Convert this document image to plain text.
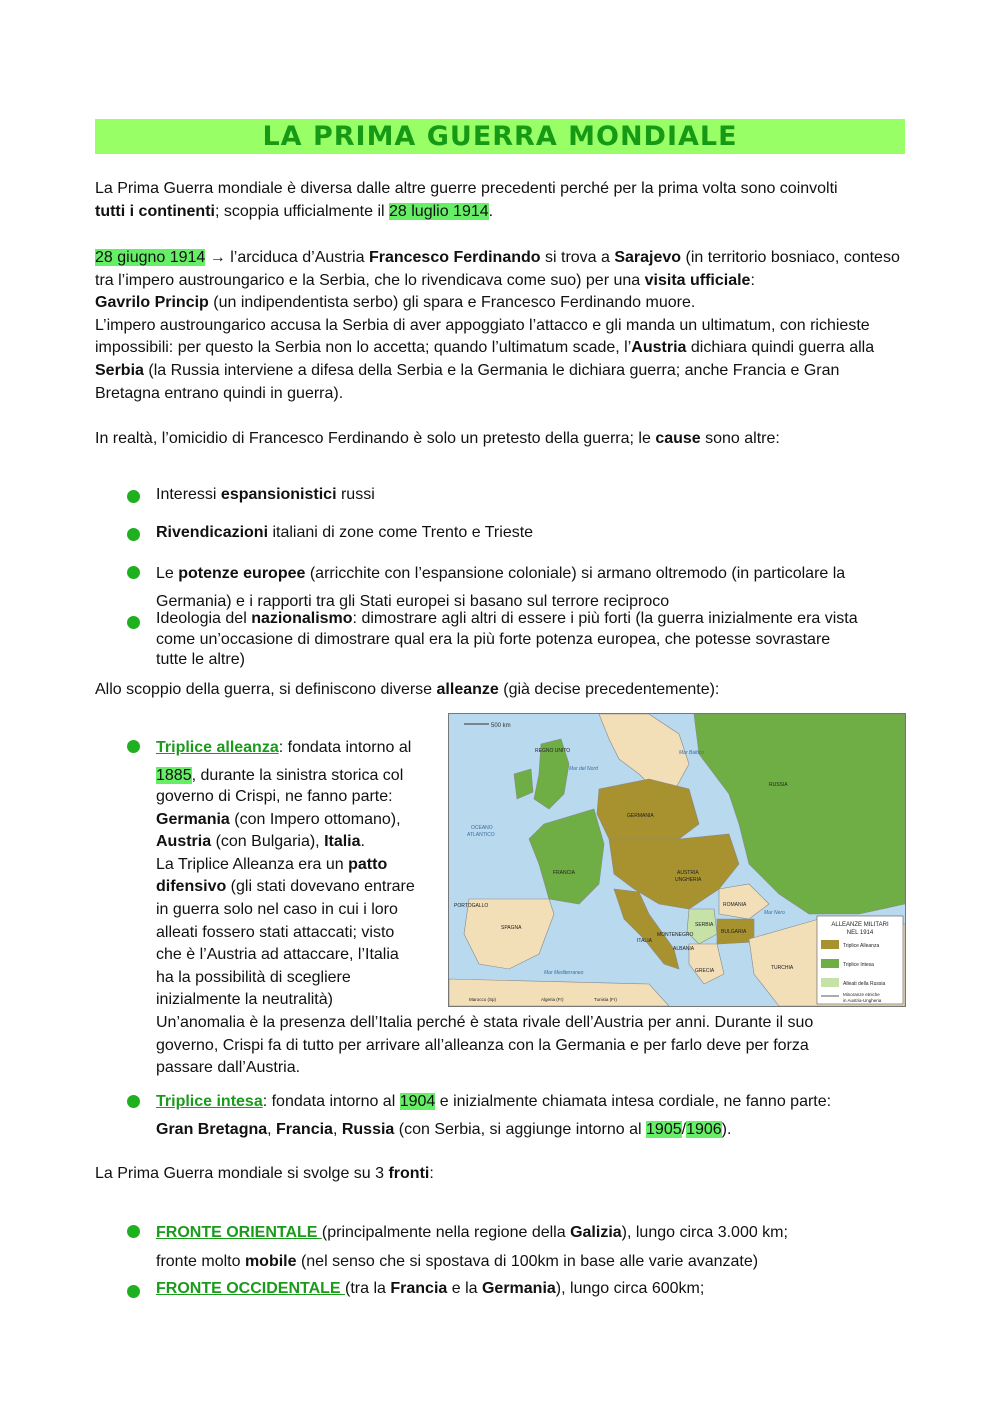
LA PRIMA GUERRA MONDIALE
La Prima Guerra mondiale è diversa dalle altre guerre precedenti perché per la prima volta sono coinvolti
tutti i continenti; scoppia ufficialmente il 28 luglio 1914.
28 giugno 1914 → l’arciduca d’Austria Francesco Ferdinando si trova a Sarajevo (in territorio bosniaco, conteso tra l’impero austroungarico e la Serbia, che lo rivendicava come suo) per una visita ufficiale:
Gavrilo Princip (un indipendentista serbo) gli spara e Francesco Ferdinando muore.
L’impero austroungarico accusa la Serbia di aver appoggiato l’attacco e gli manda un ultimatum, con richieste impossibili: per questo la Serbia non lo accetta; quando l’ultimatum scade, l’Austria dichiara quindi guerra alla Serbia (la Russia interviene a difesa della Serbia e la Germania le dichiara guerra; anche Francia e Gran Bretagna entrano quindi in guerra).
In realtà, l’omicidio di Francesco Ferdinando è solo un pretesto della guerra; le cause sono altre:
Interessi espansionistici russi
Rivendicazioni italiani di zone come Trento e Trieste
Le potenze europee (arricchite con l’espansione coloniale) si armano oltremodo (in particolare la
Germania) e i rapporti tra gli Stati europei si basano sul terrore reciproco
Ideologia del nazionalismo: dimostrare agli altri di essere i più forti (la guerra inizialmente era vista
come un’occasione di dimostrare qual era la più forte potenza europea, che potesse sovrastare
tutte le altre)
Allo scoppio della guerra, si definiscono diverse alleanze (già decise precedentemente):
Triplice alleanza: fondata intorno al
1885, durante la sinistra storica col
governo di Crispi, ne fanno parte:
Germania (con Impero ottomano),
Austria (con Bulgaria), Italia.
La Triplice Alleanza era un patto
difensivo (gli stati dovevano entrare
in guerra solo nel caso in cui i loro
alleati fossero stati attaccati; visto
che è l’Austria ad attaccare, l’Italia
ha la possibilità di scegliere
inizialmente la neutralità)
Un’anomalia è la presenza dell’Italia perché è stata rivale dell’Austria per anni. Durante il suo
governo, Crispi fa di tutto per arrivare all’alleanza con la Germania e per farlo deve per forza
passare dall’Austria.
500 km
REGNO UNITO
Mar del Nord
Mar Baltico
OCEANO
ATLANTICO
FRANCIA
PORTOGALLO
SPAGNA
GERMANIA
AUSTRIA
UNGHERIA
RUSSIA
ROMANIA
BULGARIA
SERBIA
MONTENEGRO
ALBANIA
GRECIA
ITALIA
TURCHIA
Mar Nero
Mar Mediterraneo
Marocco (Sp)	Algeria (Fr)	Tunisia (Fr)
ALLEANZE MILITARI
NEL 1914
Triplice Alleanza
Triplice Intesa
Alleati della Russia
Minoranze etniche
in Austria-Ungheria
Triplice intesa: fondata intorno al 1904 e inizialmente chiamata intesa cordiale, ne fanno parte:
Gran Bretagna, Francia, Russia (con Serbia, si aggiunge intorno al 1905/1906).
La Prima Guerra mondiale si svolge su 3 fronti:
FRONTE ORIENTALE (principalmente nella regione della Galizia), lungo circa 3.000 km;
fronte molto mobile (nel senso che si spostava di 100km in base alle varie avanzate)
FRONTE OCCIDENTALE (tra la Francia e la Germania), lungo circa 600km;
